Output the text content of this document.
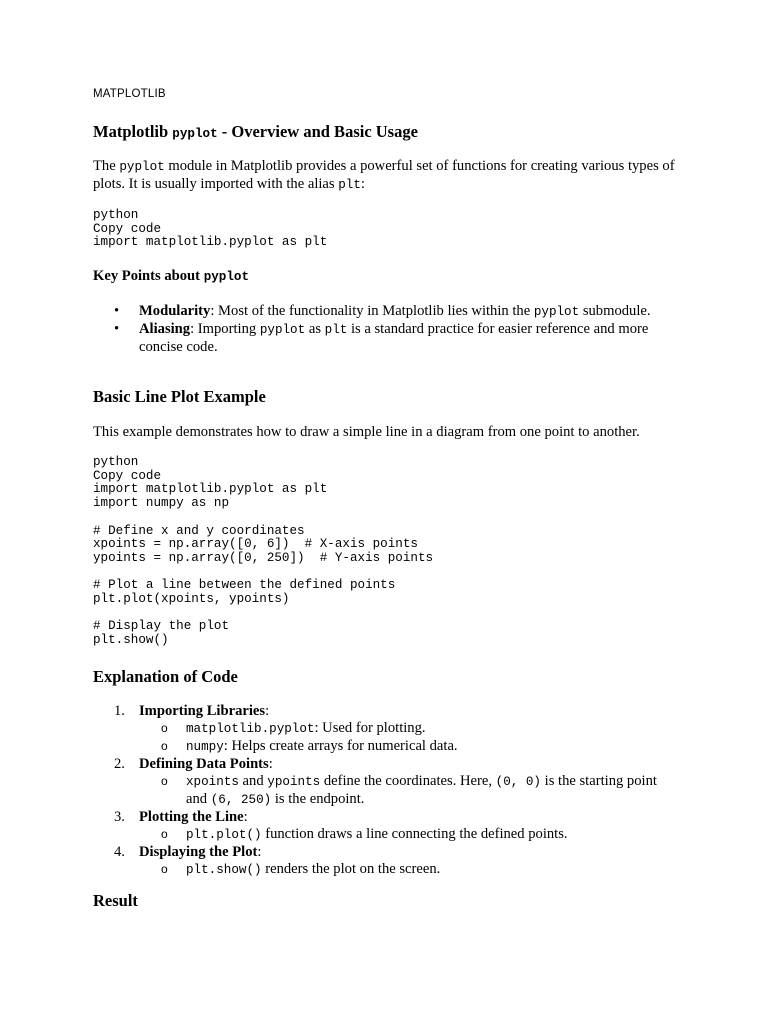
MATPLOTLIB
Matplotlib pyplot - Overview and Basic Usage

The pyplot module in Matplotlib provides a powerful set of functions for creating various types of plots. It is usually imported with the alias plt:

python
Copy code
import matplotlib.pyplot as plt
Key Points about pyplot
• Modularity: Most of the functionality in Matplotlib lies within the pyplot submodule.
• Aliasing: Importing pyplot as plt is a standard practice for easier reference and more concise code.
Basic Line Plot Example

This example demonstrates how to draw a simple line in a diagram from one point to another.

python
Copy code
import matplotlib.pyplot as plt
import numpy as np

# Define x and y coordinates
xpoints = np.array([0, 6])  # X-axis points
ypoints = np.array([0, 250])  # Y-axis points

# Plot a line between the defined points
plt.plot(xpoints, ypoints)

# Display the plot
plt.show()
Explanation of Code
1. Importing Libraries:
o matplotlib.pyplot: Used for plotting.
o numpy: Helps create arrays for numerical data.
2. Defining Data Points:
o xpoints and ypoints define the coordinates. Here, (0, 0) is the starting point and (6, 250) is the endpoint.
3. Plotting the Line:
o plt.plot() function draws a line connecting the defined points.
4. Displaying the Plot:
o plt.show() renders the plot on the screen.
Result
